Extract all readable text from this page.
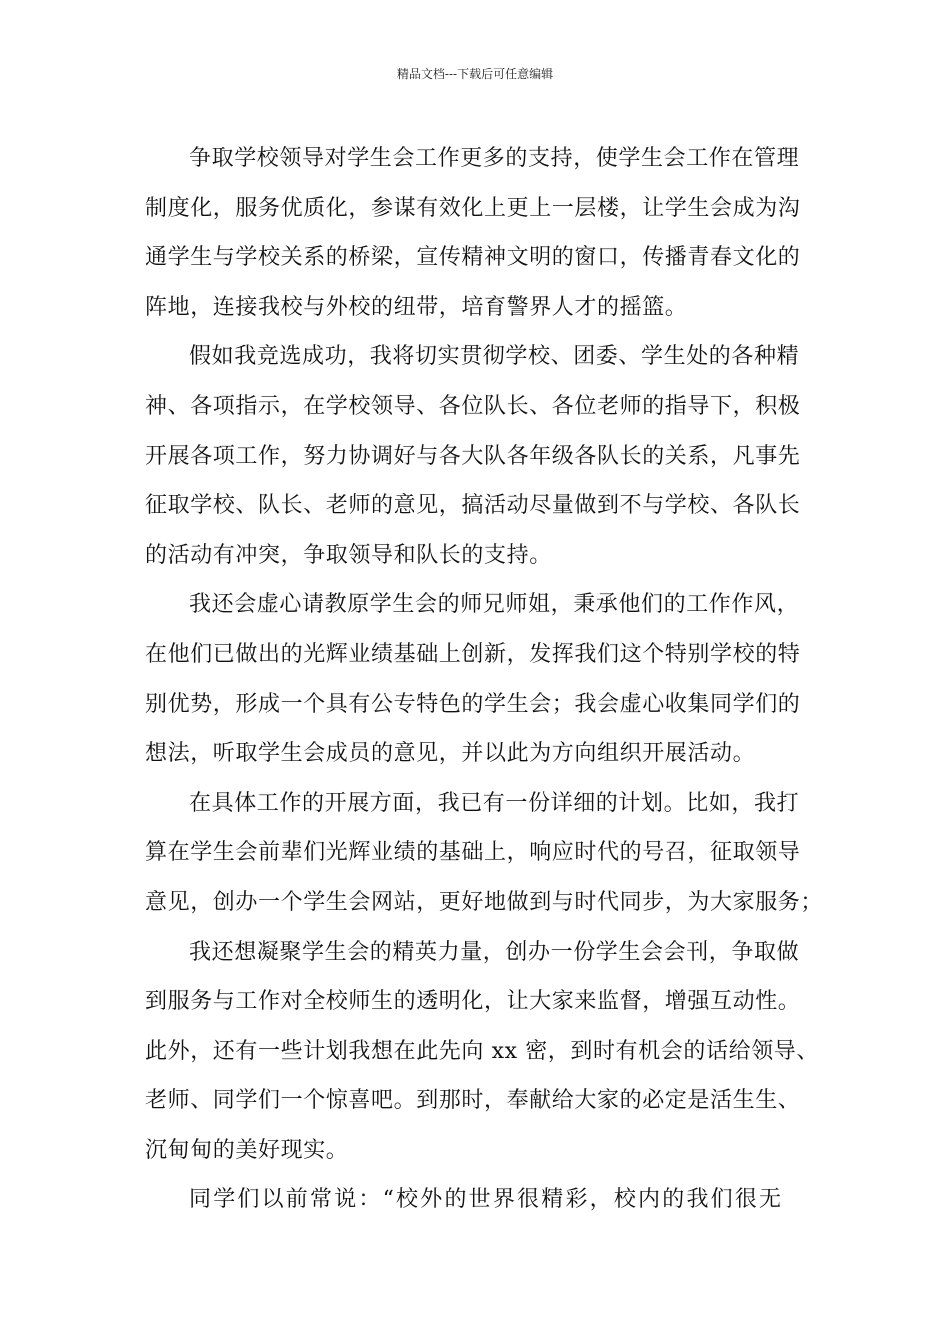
精品文档---下载后可任意编辑
争取学校领导对学生会工作更多的支持，使学生会工作在管理
制度化，服务优质化，参谋有效化上更上一层楼，让学生会成为沟
通学生与学校关系的桥梁，宣传精神文明的窗口，传播青春文化的
阵地，连接我校与外校的纽带，培育警界人才的摇篮。
假如我竞选成功，我将切实贯彻学校、团委、学生处的各种精
神、各项指示，在学校领导、各位队长、各位老师的指导下，积极
开展各项工作，努力协调好与各大队各年级各队长的关系，凡事先
征取学校、队长、老师的意见，搞活动尽量做到不与学校、各队长
的活动有冲突，争取领导和队长的支持。
我还会虚心请教原学生会的师兄师姐，秉承他们的工作作风，
在他们已做出的光辉业绩基础上创新，发挥我们这个特别学校的特
别优势，形成一个具有公专特色的学生会；我会虚心收集同学们的
想法，听取学生会成员的意见，并以此为方向组织开展活动。
在具体工作的开展方面，我已有一份详细的计划。比如，我打
算在学生会前辈们光辉业绩的基础上，响应时代的号召，征取领导
意见，创办一个学生会网站，更好地做到与时代同步，为大家服务；
我还想凝聚学生会的精英力量，创办一份学生会会刊，争取做
到服务与工作对全校师生的透明化，让大家来监督，增强互动性。
此外，还有一些计划我想在此先向 xx 密，到时有机会的话给领导、
老师、同学们一个惊喜吧。到那时，奉献给大家的必定是活生生、
沉甸甸的美好现实。
同学们以前常说：“校外的世界很精彩，校内的我们很无
